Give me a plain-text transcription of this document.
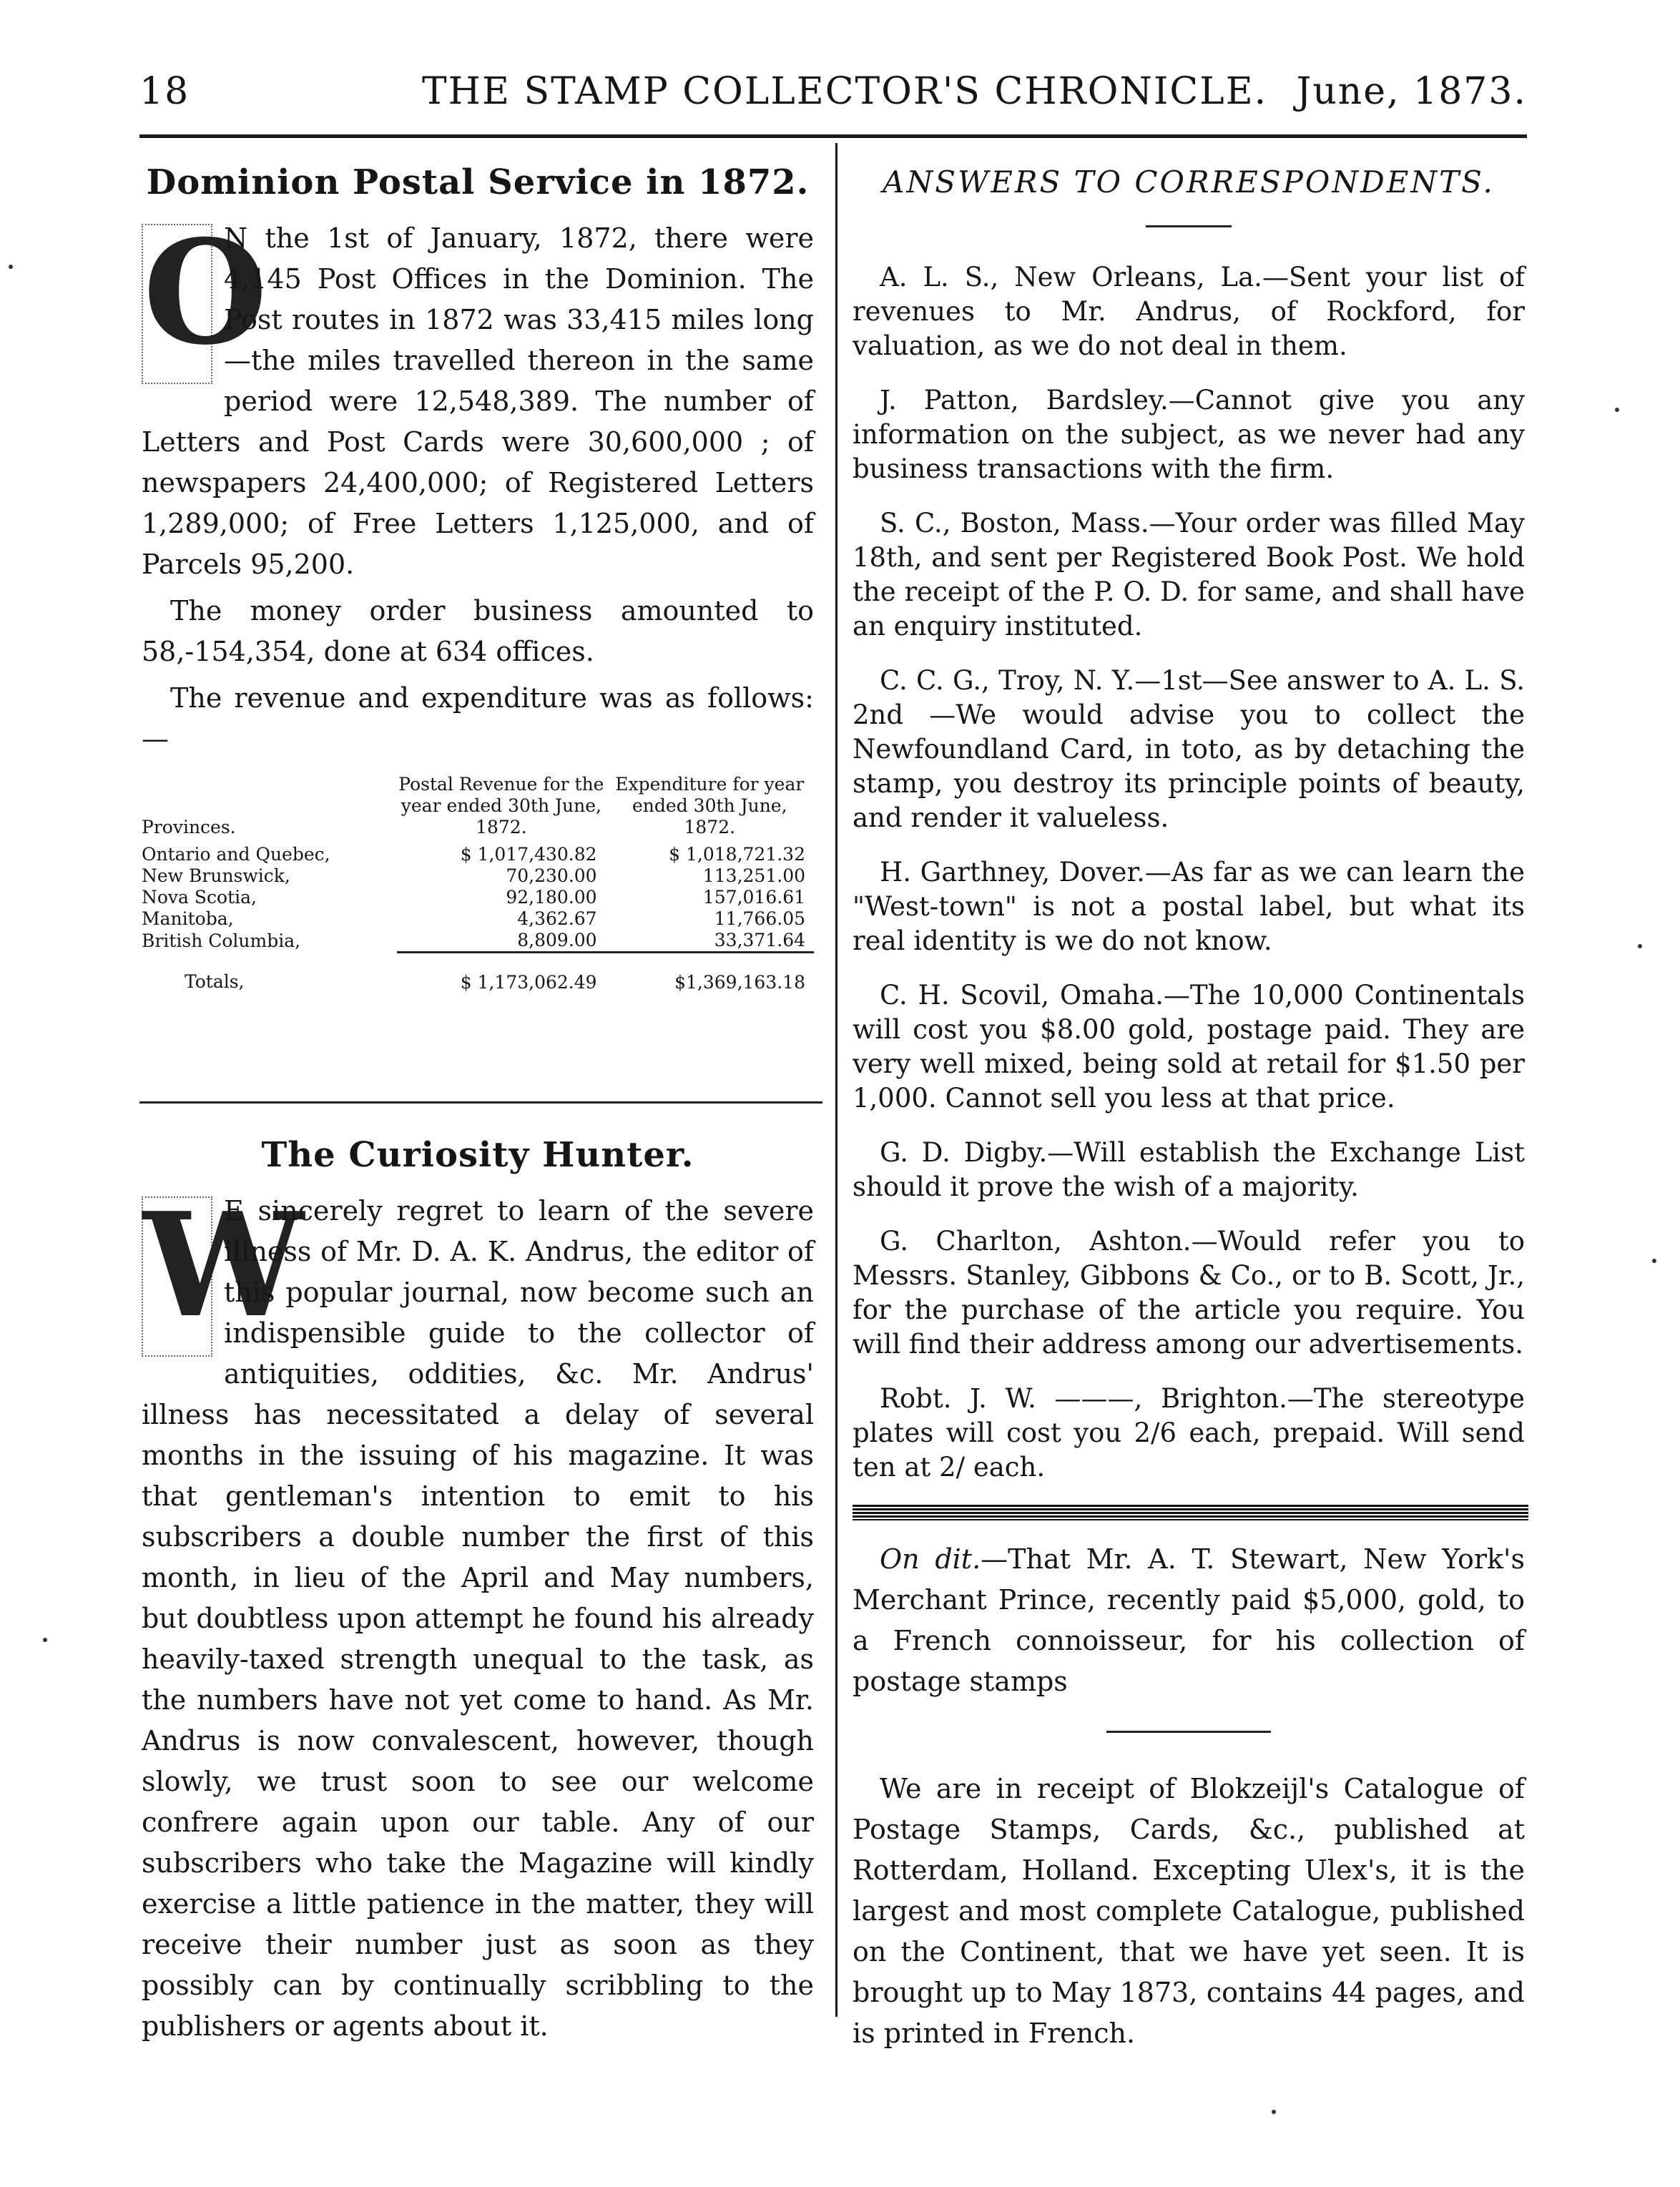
18	THE STAMP COLLECTOR'S CHRONICLE. June, 1873.
Dominion Postal Service in 1872.
O

N the 1st of January, 1872, there were 4,145 Post Offices in the Dominion. The Post routes in 1872 was 33,415 miles long —the miles travelled thereon in the same period were 12,548,389. The number of Letters and Post Cards were 30,600,000 ; of newspapers 24,400,000; of Registered Letters 1,289,000; of Free Letters 1,125,000, and of Parcels 95,200.

The money order business amounted to 58,-154,354, done at 634 offices.

The revenue and expenditure was as follows:—

Provinces.	Postal Revenue for the year ended 30th June, 1872.	Expenditure for year ended 30th June, 1872.
Ontario and Quebec,	$ 1,017,430.82	$ 1,018,721.32
New Brunswick,	70,230.00	113,251.00
Nova Scotia,	92,180.00	157,016.61
Manitoba,	4,362.67	11,766.05
British Columbia,	8,809.00	33,371.64
Totals,	$ 1,173,062.49	$1,369,163.18
The Curiosity Hunter.
W

E sincerely regret to learn of the severe illness of Mr. D. A. K. Andrus, the editor of this popular journal, now become such an indispensible guide to the collector of antiquities, oddities, &c. Mr. Andrus' illness has necessitated a delay of several months in the issuing of his magazine. It was that gentleman's intention to emit to his subscribers a double number the first of this month, in lieu of the April and May numbers, but doubtless upon attempt he found his already heavily-taxed strength unequal to the task, as the numbers have not yet come to hand. As Mr. Andrus is now convalescent, however, though slowly, we trust soon to see our welcome confrere again upon our table. Any of our subscribers who take the Magazine will kindly exercise a little patience in the matter, they will receive their number just as soon as they possibly can by continually scribbling to the publishers or agents about it.

ANSWERS TO CORRESPONDENTS.

A. L. S., New Orleans, La.—Sent your list of revenues to Mr. Andrus, of Rockford, for valuation, as we do not deal in them.

J. Patton, Bardsley.—Cannot give you any information on the subject, as we never had any business transactions with the firm.

S. C., Boston, Mass.—Your order was filled May 18th, and sent per Registered Book Post. We hold the receipt of the P. O. D. for same, and shall have an enquiry instituted.

C. C. G., Troy, N. Y.—1st—See answer to A. L. S. 2nd —We would advise you to collect the Newfoundland Card, in toto, as by detaching the stamp, you destroy its principle points of beauty, and render it valueless.

H. Garthney, Dover.—As far as we can learn the "West-town" is not a postal label, but what its real identity is we do not know.

C. H. Scovil, Omaha.—The 10,000 Continentals will cost you $8.00 gold, postage paid. They are very well mixed, being sold at retail for $1.50 per 1,000. Cannot sell you less at that price.

G. D. Digby.—Will establish the Exchange List should it prove the wish of a majority.

G. Charlton, Ashton.—Would refer you to Messrs. Stanley, Gibbons & Co., or to B. Scott, Jr., for the purchase of the article you require. You will find their address among our advertisements.

Robt. J. W. ———, Brighton.—The stereotype plates will cost you 2/6 each, prepaid. Will send ten at 2/ each.

On dit.—That Mr. A. T. Stewart, New York's Merchant Prince, recently paid $5,000, gold, to a French connoisseur, for his collection of postage stamps

We are in receipt of Blokzeijl's Catalogue of Postage Stamps, Cards, &c., published at Rotterdam, Holland. Excepting Ulex's, it is the largest and most complete Catalogue, published on the Continent, that we have yet seen. It is brought up to May 1873, contains 44 pages, and is printed in French.
